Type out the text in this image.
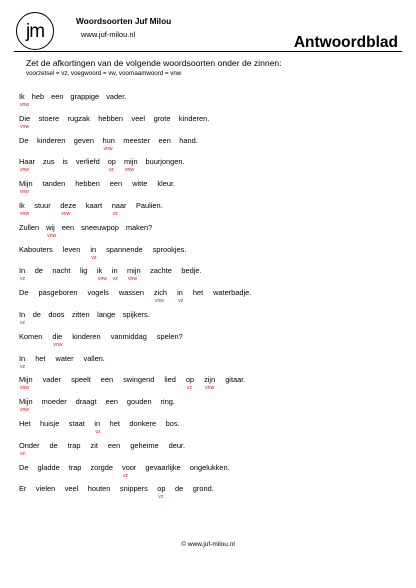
jm	Woordsoorten Juf Milou
www.juf-milou.nl	Antwoordblad
Zet de afkortingen van de volgende woordsoorten onder de zinnen:
voorzetsel = vz, voegwoord = vw, voornaamwoord = vnw
Ik
vnw
heb een grappige vader.
Die
vnw
stoere rugzak hebben veel grote kinderen.
De kinderen geven hun
vnw
meester een hand.
Haar
vnw
zus is verliefd op
vz
mijn
vnw
buurjongen.
Mijn
vnw
tanden hebben een witte kleur.
Ik
vnw
stuur deze
vnw
kaart naar
vz
Paulien.
Zullen wij
vnw
een sneeuwpop maken?
Kabouters leven in
vz
spannende sprookjes.
In
vz
de nacht lig ik
vnw
in
vz
mijn
vnw
zachte bedje.
De pasgeboren vogels wassen zich
vnw
in
vz
het waterbadje.
In
vz
de doos zitten lange spijkers.
Komen die
vnw
kinderen vanmiddag spelen?
In
vz
het water vallen.
Mijn
vnw
vader speelt een swingend lied op
vz
zijn
vnw
gitaar.
Mijn
vnw
moeder draagt een gouden ring.
Het huisje staat in
vz
het donkere bos.
Onder
vz
de trap zit een geheime deur.
De gladde trap zorgde voor
vz
gevaarlijke ongelukken.
Er vielen veel houten snippers op
vz
de grond.
© www.juf-milou.nl
